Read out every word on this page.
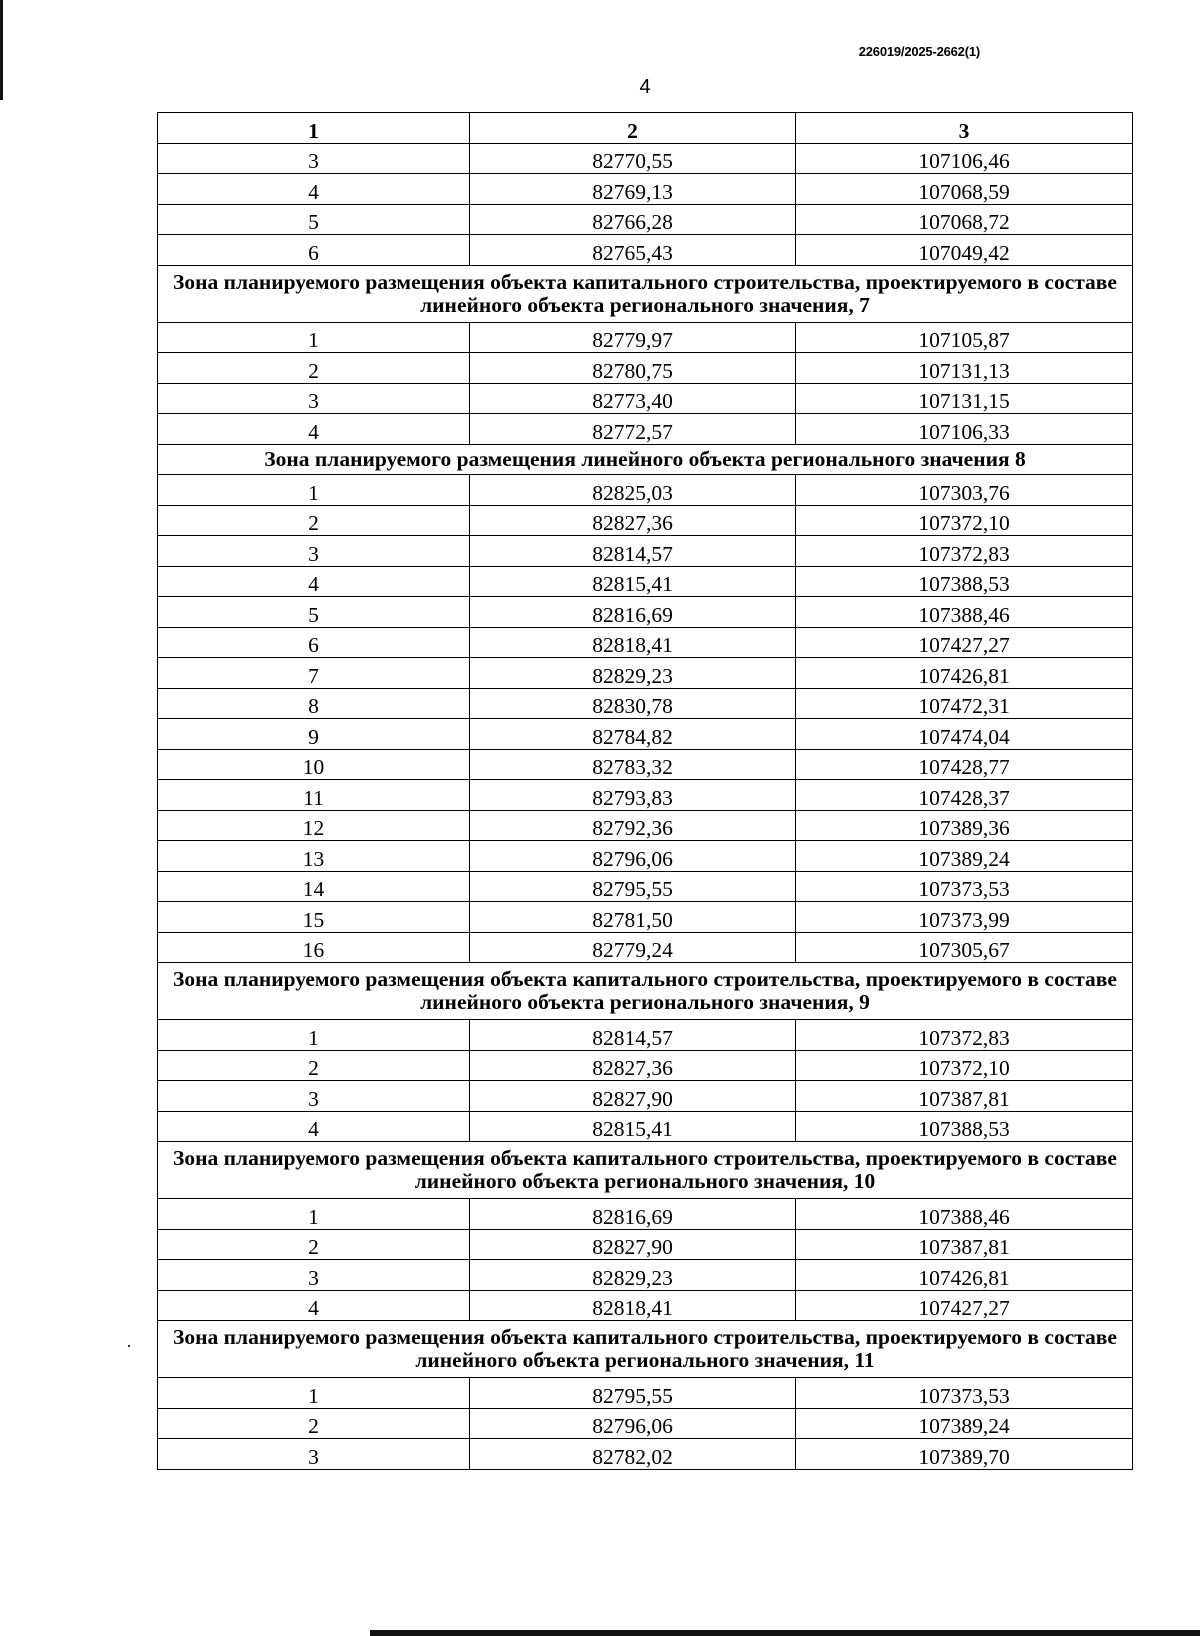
226019/2025-2662(1)
4
1	2	3
3	82770,55	107106,46
4	82769,13	107068,59
5	82766,28	107068,72
6	82765,43	107049,42
Зона планируемого размещения объекта капитального строительства, проектируемого в составе линейного объекта регионального значения, 7		
1	82779,97	107105,87
2	82780,75	107131,13
3	82773,40	107131,15
4	82772,57	107106,33
Зона планируемого размещения линейного объекта регионального значения 8		
1	82825,03	107303,76
2	82827,36	107372,10
3	82814,57	107372,83
4	82815,41	107388,53
5	82816,69	107388,46
6	82818,41	107427,27
7	82829,23	107426,81
8	82830,78	107472,31
9	82784,82	107474,04
10	82783,32	107428,77
11	82793,83	107428,37
12	82792,36	107389,36
13	82796,06	107389,24
14	82795,55	107373,53
15	82781,50	107373,99
16	82779,24	107305,67
Зона планируемого размещения объекта капитального строительства, проектируемого в составе линейного объекта регионального значения, 9		
1	82814,57	107372,83
2	82827,36	107372,10
3	82827,90	107387,81
4	82815,41	107388,53
Зона планируемого размещения объекта капитального строительства, проектируемого в составе линейного объекта регионального значения, 10		
1	82816,69	107388,46
2	82827,90	107387,81
3	82829,23	107426,81
4	82818,41	107427,27
Зона планируемого размещения объекта капитального строительства, проектируемого в составе линейного объекта регионального значения, 11		
1	82795,55	107373,53
2	82796,06	107389,24
3	82782,02	107389,70
